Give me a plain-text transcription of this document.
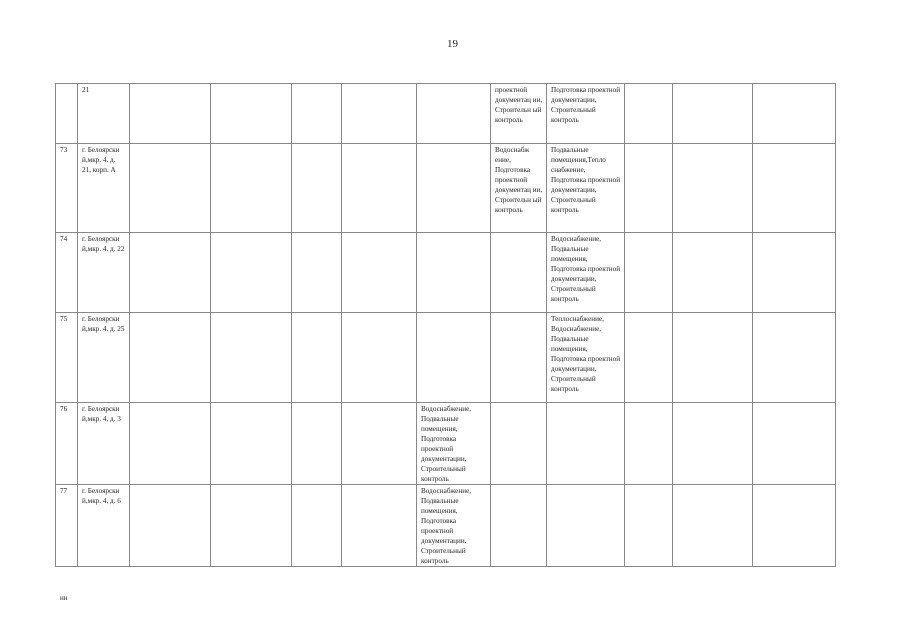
19
	21						проектной документац ии, Строительн ый контроль	Подготовка проектной документации, Строительный контроль			
73	г. Белоярски й,мкр. 4, д. 21, корп. А						Водоснабж ение, Подготовка проектной документац ии, Строительн ый контроль	Подвальные помещения,Тепло снабжение, Подготовка проектной документации, Строительный контроль			
74	г. Белоярски й,мкр. 4, д. 22							Водоснабжение, Подвальные помещения, Подготовка проектной документации, Строительный контроль			
75	г. Белоярски й,мкр. 4, д. 25							Теплоснабжение, Водоснабжение, Подвальные помещения, Подготовка проектной документации, Строительный контроль			
76	г. Белоярски й,мкр. 4, д. 3					Водоснабжение, Подвальные помещения, Подготовка проектной документации, Строительный контроль					
77	г. Белоярски й,мкр. 4, д. 6					Водоснабжение, Подвальные помещения, Подготовка проектной документации, Строительный контроль					
нн
